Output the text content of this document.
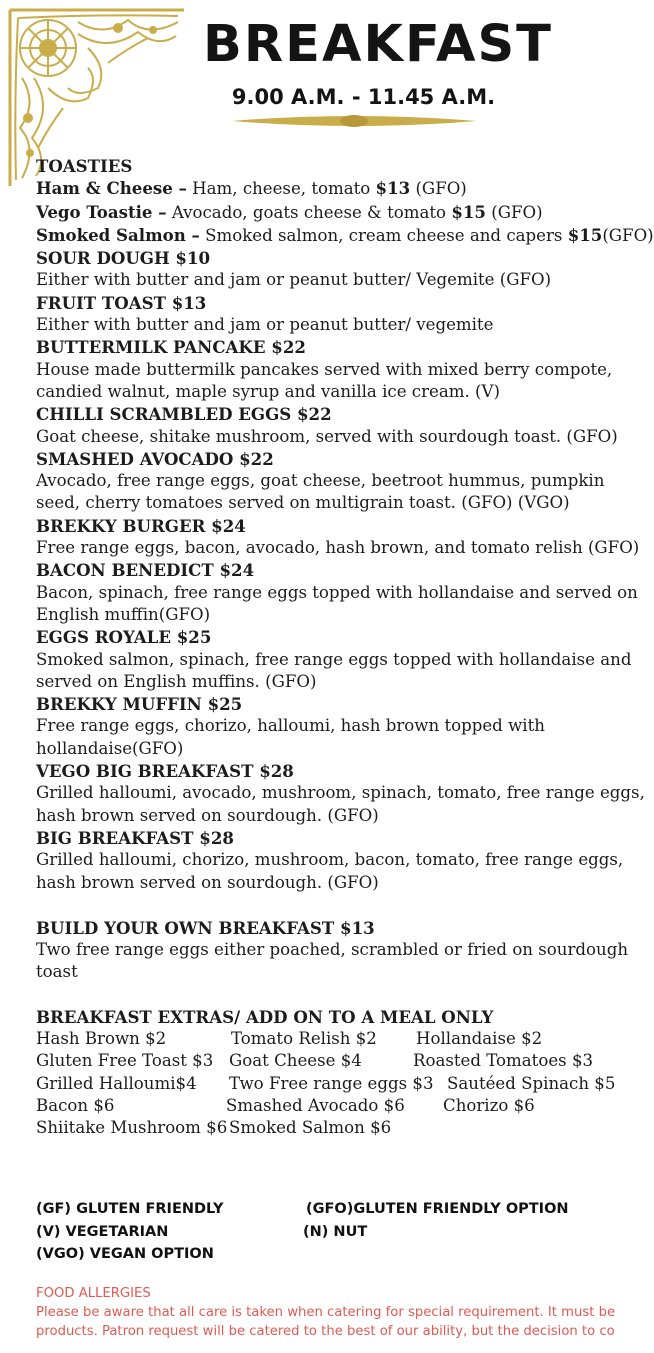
BREAKFAST
9.00 A.M. - 11.45 A.M.
TOASTIES
Ham & Cheese – Ham, cheese, tomato $13 (GFO)
Vego Toastie – Avocado, goats cheese & tomato $15 (GFO)
Smoked Salmon – Smoked salmon, cream cheese and capers $15(GFO)
SOUR DOUGH $10
Either with butter and jam or peanut butter/ Vegemite (GFO)
FRUIT TOAST $13
Either with butter and jam or peanut butter/ vegemite
BUTTERMILK PANCAKE $22
House made buttermilk pancakes served with mixed berry compote,
candied walnut, maple syrup and vanilla ice cream. (V)
CHILLI SCRAMBLED EGGS $22
Goat cheese, shitake mushroom, served with sourdough toast. (GFO)
SMASHED AVOCADO $22
Avocado, free range eggs, goat cheese, beetroot hummus, pumpkin
seed, cherry tomatoes served on multigrain toast. (GFO) (VGO)
BREKKY BURGER $24
Free range eggs, bacon, avocado, hash brown, and tomato relish (GFO)
BACON BENEDICT $24
Bacon, spinach, free range eggs topped with hollandaise and served on
English muffin(GFO)
EGGS ROYALE $25
Smoked salmon, spinach, free range eggs topped with hollandaise and
served on English muffins. (GFO)
BREKKY MUFFIN $25
Free range eggs, chorizo, halloumi, hash brown topped with
hollandaise(GFO)
VEGO BIG BREAKFAST $28
Grilled halloumi, avocado, mushroom, spinach, tomato, free range eggs,
hash brown served on sourdough. (GFO)
BIG BREAKFAST $28
Grilled halloumi, chorizo, mushroom, bacon, tomato, free range eggs,
hash brown served on sourdough. (GFO)
BUILD YOUR OWN BREAKFAST $13
Two free range eggs either poached, scrambled or fried on sourdough
toast
BREAKFAST EXTRAS/ ADD ON TO A MEAL ONLY
Hash Brown $2	Tomato Relish $2 Hollandaise $2
Gluten Free Toast $3 Goat Cheese $4	Roasted Tomatoes $3
Grilled Halloumi$4 Two Free range eggs $3 Sautéed Spinach $5
Bacon $6	Smashed Avocado $6 Chorizo $6
Shiitake Mushroom $6 Smoked Salmon $6
(GF) GLUTEN FRIENDLY	(GFO)GLUTEN FRIENDLY OPTION
(V) VEGETARIAN	(N) NUT
(VGO) VEGAN OPTION
FOOD ALLERGIES
Please be aware that all care is taken when catering for special requirement. It must be
products. Patron request will be catered to the best of our ability, but the decision to co
